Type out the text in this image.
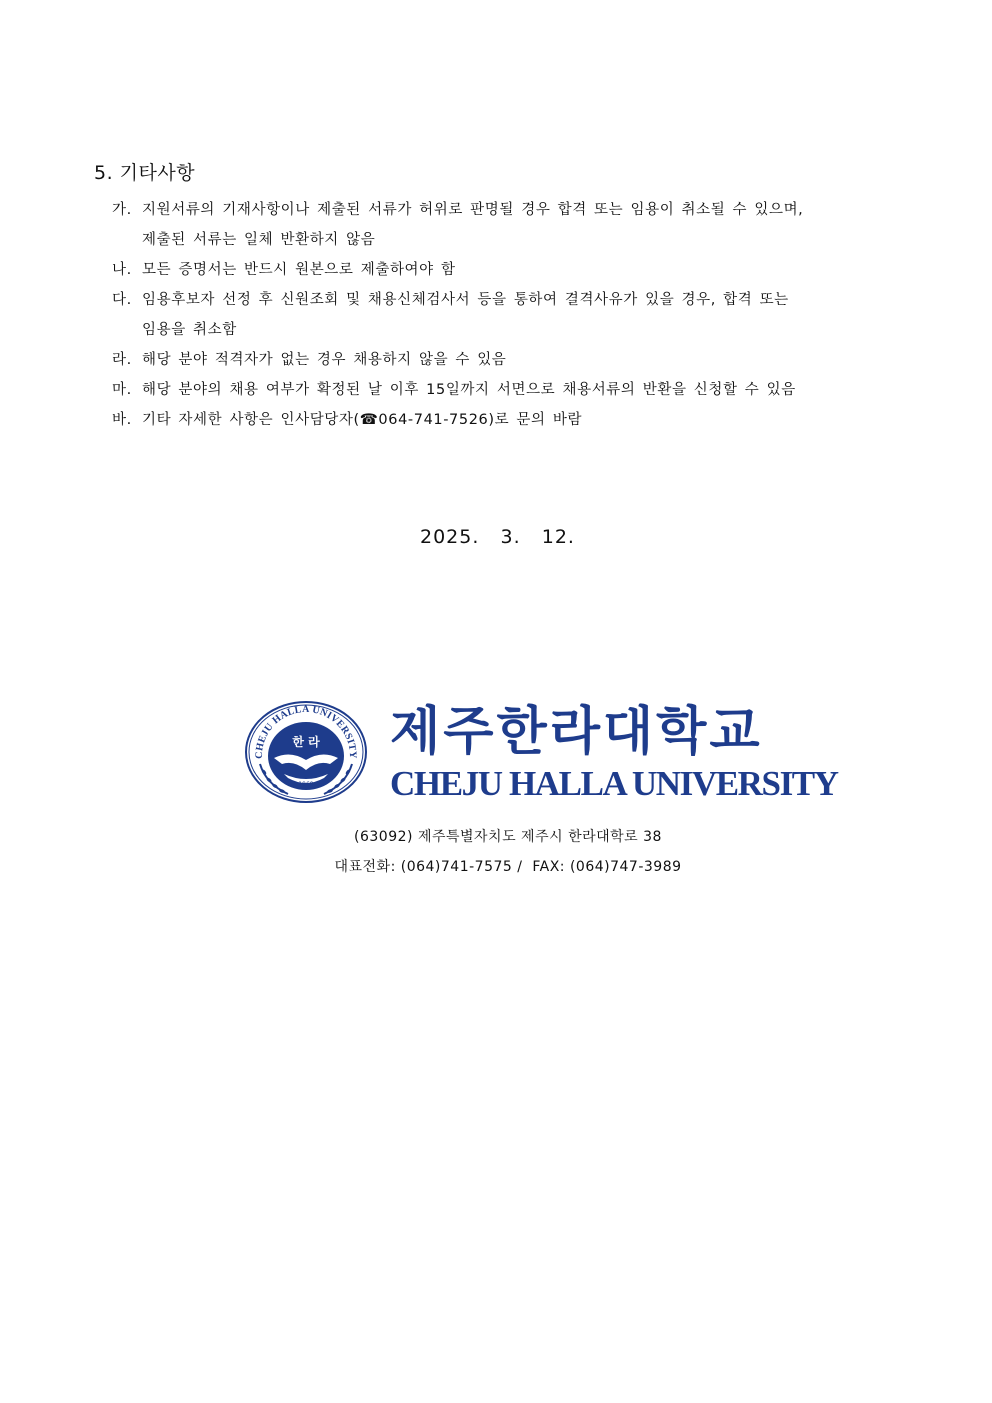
5. 기타사항
가. 지원서류의 기재사항이나 제출된 서류가 허위로 판명될 경우 합격 또는 임용이 취소될 수 있으며,
제출된 서류는 일체 반환하지 않음
나. 모든 증명서는 반드시 원본으로 제출하여야 함
다. 임용후보자 선정 후 신원조회 및 채용신체검사서 등을 통하여 결격사유가 있을 경우, 합격 또는
임용을 취소함
라. 해당 분야 적격자가 없는 경우 채용하지 않을 수 있음
마. 해당 분야의 채용 여부가 확정된 날 이후 15일까지 서면으로 채용서류의 반환을 신청할 수 있음
바. 기타 자세한 사항은 인사담당자(☎064-741-7526)로 문의 바람
2025.   3.   12.
CHEJU HALLA UNIVERSITY
한 라
1969
제주한라대학교
CHEJU HALLA UNIVERSITY
(63092) 제주특별자치도 제주시 한라대학로 38
대표전화: (064)741-7575 /  FAX: (064)747-3989
